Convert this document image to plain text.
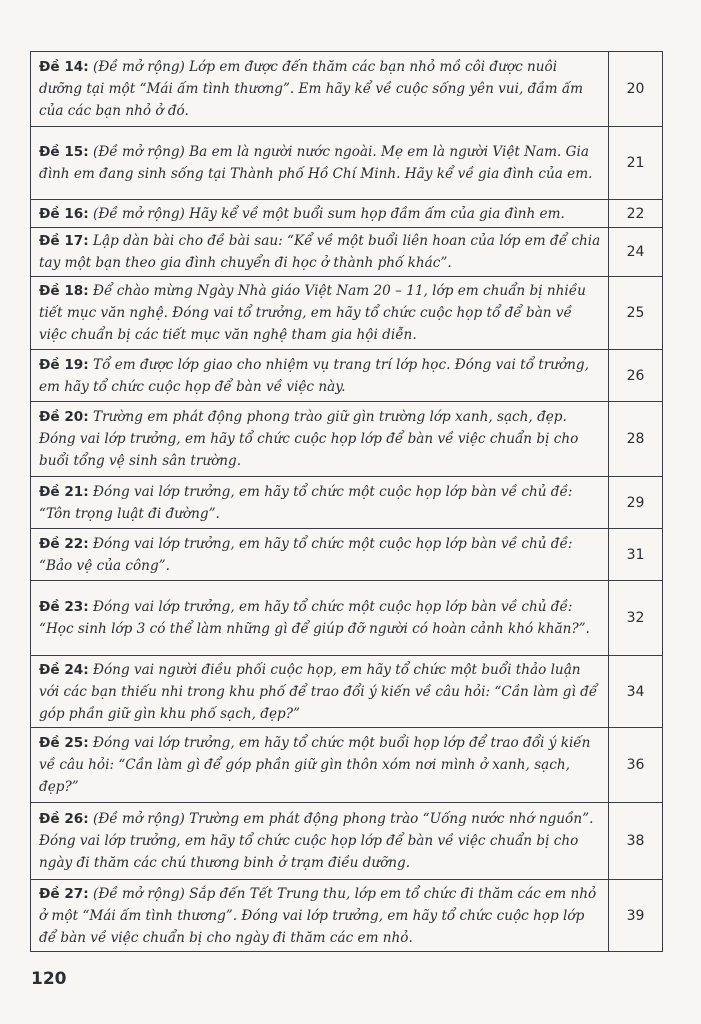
Đề 14: (Đề mở rộng) Lớp em được đến thăm các bạn nhỏ mồ côi được nuôi dưỡng tại một “Mái ấm tình thương”. Em hãy kể về cuộc sống yên vui, đầm ấm của các bạn nhỏ ở đó.	20
Đề 15: (Đề mở rộng) Ba em là người nước ngoài. Mẹ em là người Việt Nam. Gia đình em đang sinh sống tại Thành phố Hồ Chí Minh. Hãy kể về gia đình của em.	21
Đề 16: (Đề mở rộng) Hãy kể về một buổi sum họp đầm ấm của gia đình em.	22
Đề 17: Lập dàn bài cho đề bài sau: “Kể về một buổi liên hoan của lớp em để chia tay một bạn theo gia đình chuyển đi học ở thành phố khác”.	24
Đề 18: Để chào mừng Ngày Nhà giáo Việt Nam 20 – 11, lớp em chuẩn bị nhiều tiết mục văn nghệ. Đóng vai tổ trưởng, em hãy tổ chức cuộc họp tổ để bàn về việc chuẩn bị các tiết mục văn nghệ tham gia hội diễn.	25
Đề 19: Tổ em được lớp giao cho nhiệm vụ trang trí lớp học. Đóng vai tổ trưởng, em hãy tổ chức cuộc họp để bàn về việc này.	26
Đề 20: Trường em phát động phong trào giữ gìn trường lớp xanh, sạch, đẹp. Đóng vai lớp trưởng, em hãy tổ chức cuộc họp lớp để bàn về việc chuẩn bị cho buổi tổng vệ sinh sân trường.	28
Đề 21: Đóng vai lớp trưởng, em hãy tổ chức một cuộc họp lớp bàn về chủ đề: “Tôn trọng luật đi đường”.	29
Đề 22: Đóng vai lớp trưởng, em hãy tổ chức một cuộc họp lớp bàn về chủ đề: “Bảo vệ của công”.	31
Đề 23: Đóng vai lớp trưởng, em hãy tổ chức một cuộc họp lớp bàn về chủ đề: “Học sinh lớp 3 có thể làm những gì để giúp đỡ người có hoàn cảnh khó khăn?”.	32
Đề 24: Đóng vai người điều phối cuộc họp, em hãy tổ chức một buổi thảo luận với các bạn thiếu nhi trong khu phố để trao đổi ý kiến về câu hỏi: “Cần làm gì để góp phần giữ gìn khu phố sạch, đẹp?”	34
Đề 25: Đóng vai lớp trưởng, em hãy tổ chức một buổi họp lớp để trao đổi ý kiến về câu hỏi: “Cần làm gì để góp phần giữ gìn thôn xóm nơi mình ở xanh, sạch, đẹp?”	36
Đề 26: (Đề mở rộng) Trường em phát động phong trào “Uống nước nhớ nguồn”. Đóng vai lớp trưởng, em hãy tổ chức cuộc họp lớp để bàn về việc chuẩn bị cho ngày đi thăm các chú thương binh ở trạm điều dưỡng.	38
Đề 27: (Đề mở rộng) Sắp đến Tết Trung thu, lớp em tổ chức đi thăm các em nhỏ ở một “Mái ấm tình thương”. Đóng vai lớp trưởng, em hãy tổ chức cuộc họp lớp để bàn về việc chuẩn bị cho ngày đi thăm các em nhỏ.	39
120
